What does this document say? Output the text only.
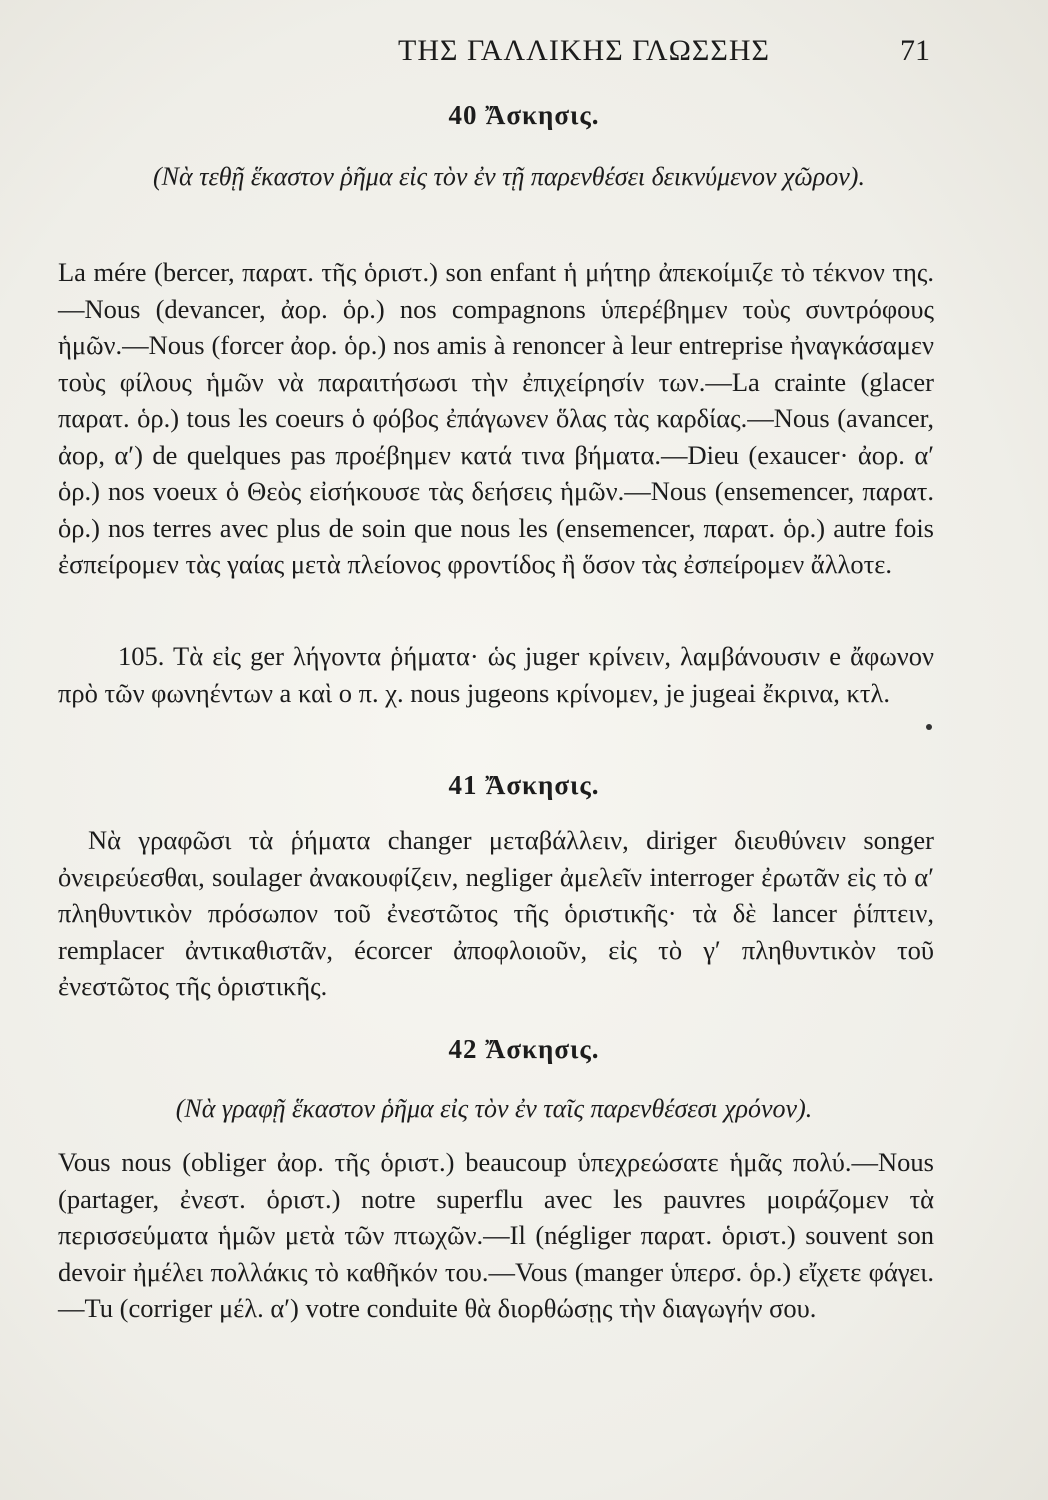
ΤΗΣ ΓΑΛΛΙΚΗΣ ΓΛΩΣΣΗΣ	71
40 Ἄσκησις.
(Νὰ τεθῇ ἕκαστον ῥῆμα εἰς τὸν ἐν τῇ παρενθέσει δεικνύμενον χῶρον).

La mére (bercer, παρατ. τῆς ὁριστ.) son enfant ἡ μήτηρ ἀπεκοίμιζε τὸ τέκνον της.—Nous (devancer, ἀορ. ὁρ.) nos compagnons ὑπερέβημεν τοὺς συντρόφους ἡμῶν.—Nous (forcer ἀορ. ὁρ.) nos amis à renoncer à leur entreprise ἠναγκάσαμεν τοὺς φίλους ἡμῶν νὰ παραιτήσωσι τὴν ἐπιχείρησίν των.—La crainte (glacer παρατ. ὁρ.) tous les coeurs ὁ φόβος ἐπάγωνεν ὅλας τὰς καρδίας.—Nous (avancer, ἀορ, α′) de quelques pas προέβημεν κατά τινα βήματα.—Dieu (exaucer· ἀορ. α′ ὁρ.) nos voeux ὁ Θεὸς εἰσήκουσε τὰς δεήσεις ἡμῶν.—Nous (ensemencer, παρατ. ὁρ.) nos terres avec plus de soin que nous les (ensemencer, παρατ. ὁρ.) autre fois ἐσπείρομεν τὰς γαίας μετὰ πλείονος φροντίδος ἢ ὅσον τὰς ἐσπείρομεν ἄλλοτε.

105. Τὰ εἰς ger λήγοντα ῥήματα· ὡς juger κρίνειν, λαμβάνουσιν e ἄφωνον πρὸ τῶν φωνηέντων a καὶ o π. χ. nous jugeons κρίνομεν, je jugeai ἔκρινα, κτλ.

41 Ἄσκησις.

Νὰ γραφῶσι τὰ ῥήματα changer μεταβάλλειν, diriger διευθύνειν songer ὀνειρεύεσθαι, soulager ἀνακουφίζειν, negliger ἀμελεῖν interroger ἐρωτᾶν εἰς τὸ α′ πληθυντικὸν πρόσωπον τοῦ ἐνεστῶτος τῆς ὁριστικῆς· τὰ δὲ lancer ῥίπτειν, remplacer ἀντικαθιστᾶν, écorcer ἀποφλοιοῦν, εἰς τὸ γ′ πληθυντικὸν τοῦ ἐνεστῶτος τῆς ὁριστικῆς.

42 Ἄσκησις.
(Νὰ γραφῇ ἕκαστον ῥῆμα εἰς τὸν ἐν ταῖς παρενθέσεσι χρόνον).

Vous nous (obliger ἀορ. τῆς ὁριστ.) beaucoup ὑπεχρεώσατε ἡμᾶς πολύ.—Nous (partager, ἐνεστ. ὁριστ.) notre superflu avec les pauvres μοιράζομεν τὰ περισσεύματα ἡμῶν μετὰ τῶν πτωχῶν.—Il (négliger παρατ. ὁριστ.) souvent son devoir ἠμέλει πολλάκις τὸ καθῆκόν του.—Vous (manger ὑπερσ. ὁρ.) εἴχετε φάγει.—Tu (corriger μέλ. α′) votre conduite θὰ διορθώσῃς τὴν διαγωγήν σου.
